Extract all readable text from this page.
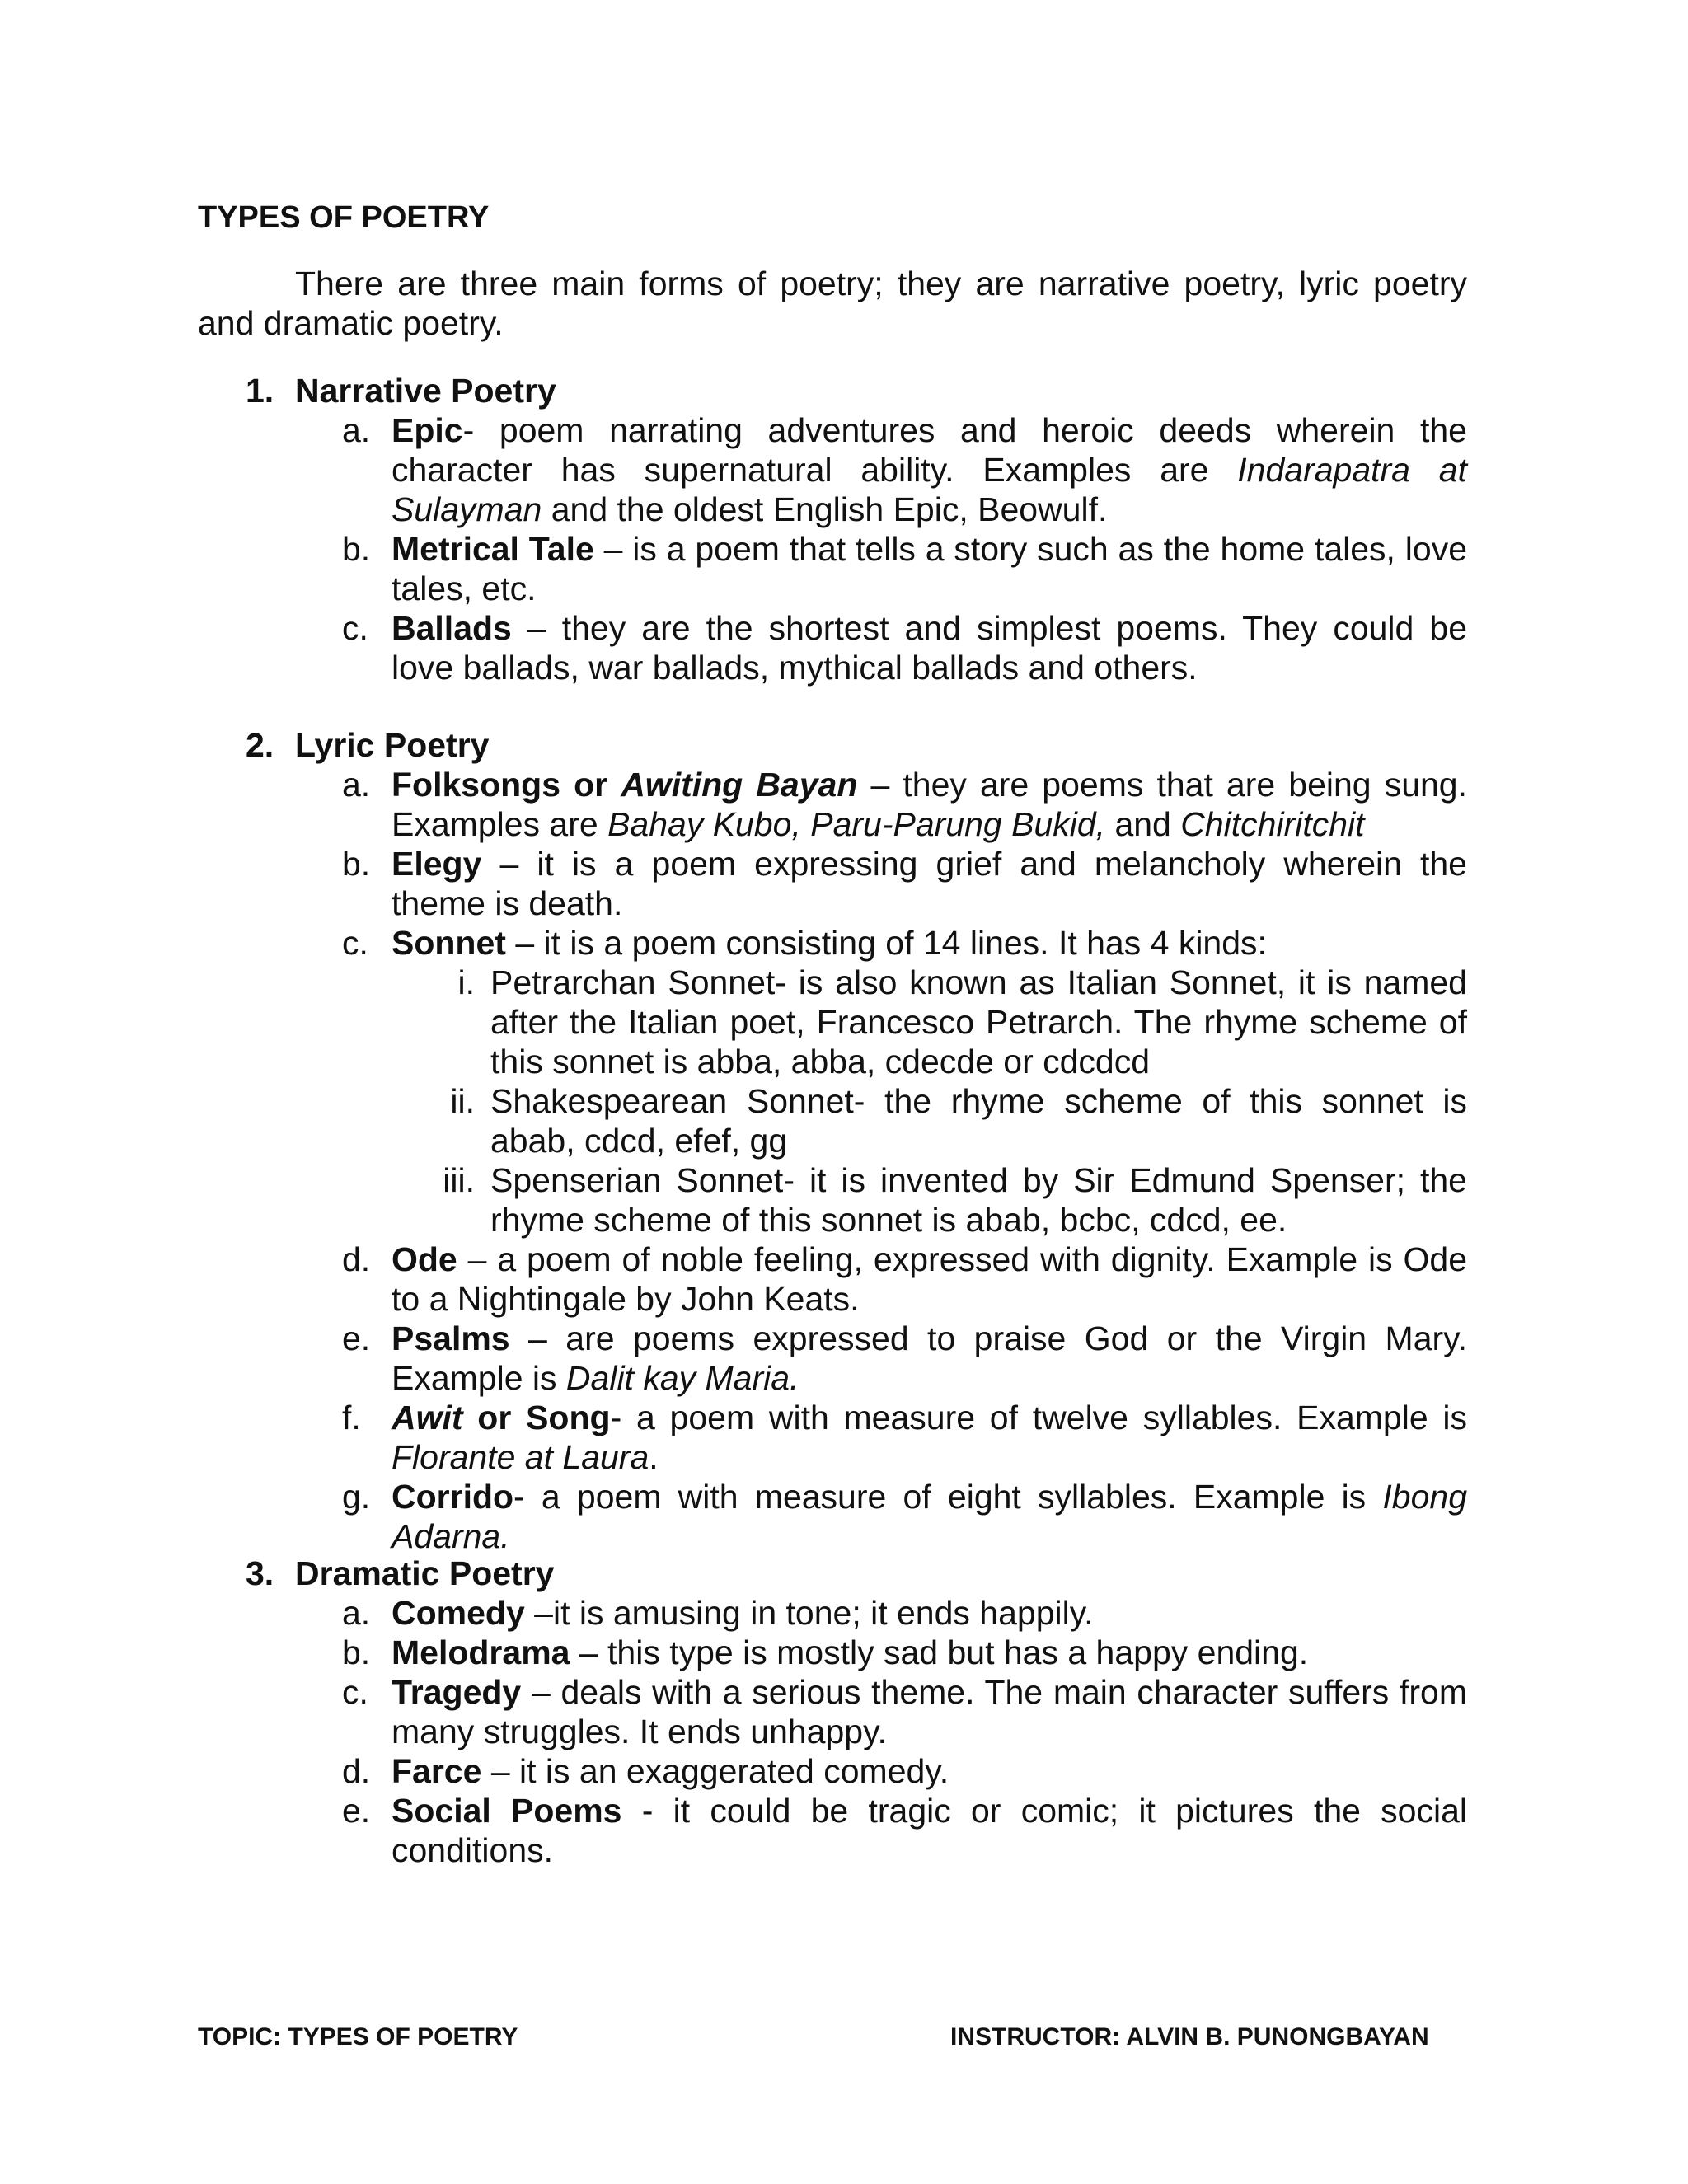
TYPES OF POETRY
There are three main forms of poetry; they are narrative poetry, lyric poetry and dramatic poetry.
1. Narrative Poetry
a. Epic- poem narrating adventures and heroic deeds wherein the character has supernatural ability. Examples are Indarapatra at Sulayman and the oldest English Epic, Beowulf.
b. Metrical Tale – is a poem that tells a story such as the home tales, love tales, etc.
c. Ballads – they are the shortest and simplest poems. They could be love ballads, war ballads, mythical ballads and others.
2. Lyric Poetry
a. Folksongs or Awiting Bayan – they are poems that are being sung. Examples are Bahay Kubo, Paru-Parung Bukid, and Chitchiritchit
b. Elegy – it is a poem expressing grief and melancholy wherein the theme is death.
c. Sonnet – it is a poem consisting of 14 lines. It has 4 kinds:
i. Petrarchan Sonnet- is also known as Italian Sonnet, it is named after the Italian poet, Francesco Petrarch. The rhyme scheme of this sonnet is abba, abba, cdecde or cdcdcd
ii. Shakespearean Sonnet- the rhyme scheme of this sonnet is abab, cdcd, efef, gg
iii. Spenserian Sonnet- it is invented by Sir Edmund Spenser; the rhyme scheme of this sonnet is abab, bcbc, cdcd, ee.
d. Ode – a poem of noble feeling, expressed with dignity. Example is Ode to a Nightingale by John Keats.
e. Psalms – are poems expressed to praise God or the Virgin Mary. Example is Dalit kay Maria.
f. Awit or Song- a poem with measure of twelve syllables. Example is Florante at Laura.
g. Corrido- a poem with measure of eight syllables. Example is Ibong Adarna.
3. Dramatic Poetry
a. Comedy –it is amusing in tone; it ends happily.
b. Melodrama – this type is mostly sad but has a happy ending.
c. Tragedy – deals with a serious theme. The main character suffers from many struggles. It ends unhappy.
d. Farce – it is an exaggerated comedy.
e. Social Poems - it could be tragic or comic; it pictures the social conditions.
TOPIC: TYPES OF POETRY	INSTRUCTOR: ALVIN B. PUNONGBAYAN
